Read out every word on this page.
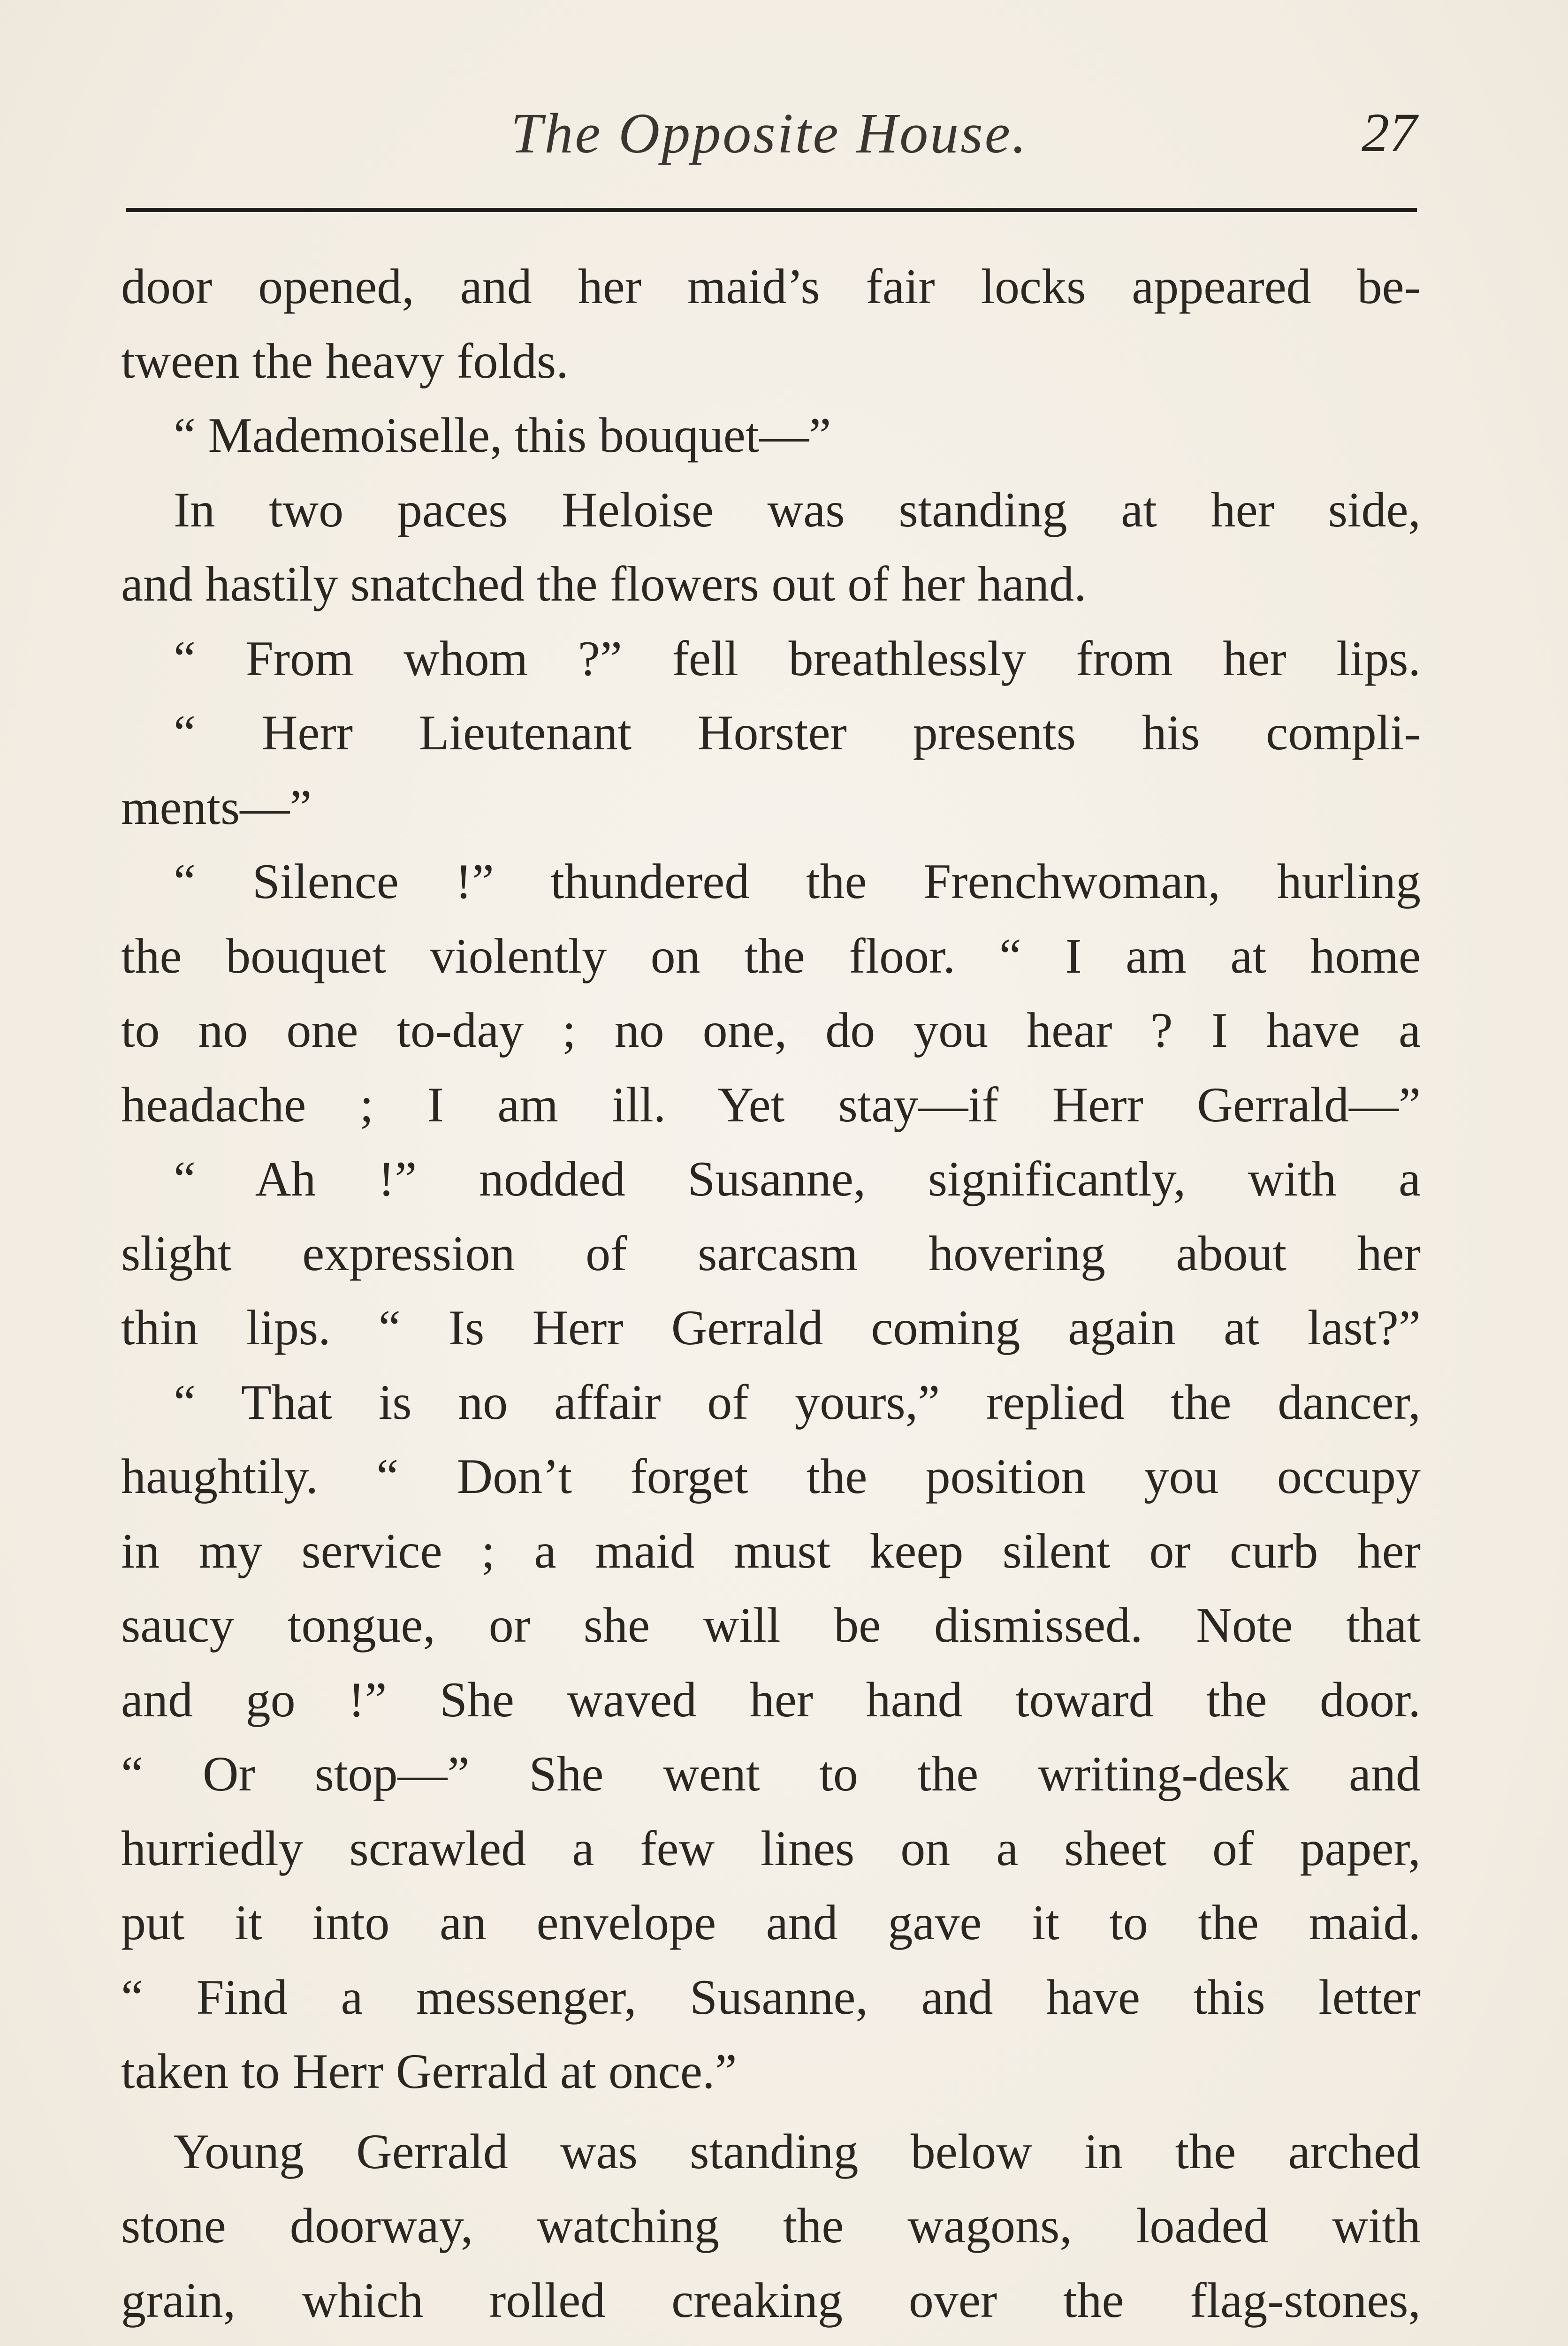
The Opposite House.	27
door opened, and her maid’s fair locks appeared be-
tween the heavy folds.
“ Mademoiselle, this bouquet—”
In two paces Heloise was standing at her side,
and hastily snatched the flowers out of her hand.
“ From whom ?” fell breathlessly from her lips.
“ Herr Lieutenant Horster presents his compli-
ments—”
“ Silence !” thundered the Frenchwoman, hurling
the bouquet violently on the floor. “ I am at home
to no one to-day ; no one, do you hear ? I have a
headache ; I am ill. Yet stay—if Herr Gerrald—”
“ Ah !” nodded Susanne, significantly, with a
slight expression of sarcasm hovering about her
thin lips. “ Is Herr Gerrald coming again at last?”
“ That is no affair of yours,” replied the dancer,
haughtily. “ Don’t forget the position you occupy
in my service ; a maid must keep silent or curb her
saucy tongue, or she will be dismissed. Note that
and go !” She waved her hand toward the door.
“ Or stop—” She went to the writing-desk and
hurriedly scrawled a few lines on a sheet of paper,
put it into an envelope and gave it to the maid.
“ Find a messenger, Susanne, and have this letter
taken to Herr Gerrald at once.”
Young Gerrald was standing below in the arched
stone doorway, watching the wagons, loaded with
grain, which rolled creaking over the flag-stones,
